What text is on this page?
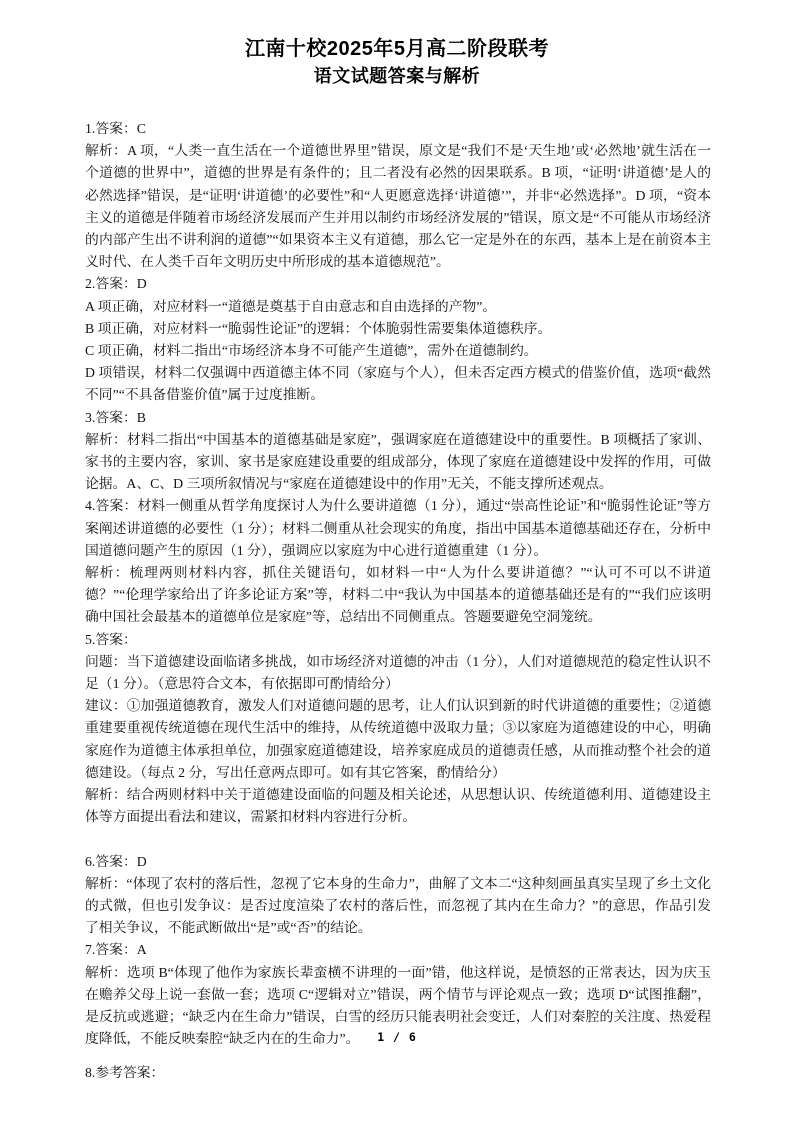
江南十校2025年5月高二阶段联考
语文试题答案与解析

1.答案：C

解析：A 项，“人类一直生活在一个道德世界里”错误，原文是“我们不是‘天生地’或‘必然地’就生活在一个道德的世界中”，道德的世界是有条件的；且二者没有必然的因果联系。B 项，“证明‘讲道德’是人的必然选择”错误，是“证明‘讲道德’的必要性”和“人更愿意选择‘讲道德’”，并非“必然选择”。D 项，“资本主义的道德是伴随着市场经济发展而产生并用以制约市场经济发展的”错误，原文是“不可能从市场经济的内部产生出不讲利润的道德”“如果资本主义有道德，那么它一定是外在的东西，基本上是在前资本主义时代、在人类千百年文明历史中所形成的基本道德规范”。

2.答案：D

A 项正确，对应材料一“道德是奠基于自由意志和自由选择的产物”。

B 项正确，对应材料一“脆弱性论证”的逻辑：个体脆弱性需要集体道德秩序。

C 项正确，材料二指出“市场经济本身不可能产生道德”，需外在道德制约。

D 项错误，材料二仅强调中西道德主体不同（家庭与个人），但未否定西方模式的借鉴价值，选项“截然不同”“不具备借鉴价值”属于过度推断。

3.答案：B

解析：材料二指出“中国基本的道德基础是家庭”，强调家庭在道德建设中的重要性。B 项概括了家训、家书的主要内容，家训、家书是家庭建设重要的组成部分，体现了家庭在道德建设中发挥的作用，可做论据。A、C、D 三项所叙情况与“家庭在道德建设中的作用”无关，不能支撑所述观点。

4.答案：材料一侧重从哲学角度探讨人为什么要讲道德（1 分），通过“崇高性论证”和“脆弱性论证”等方案阐述讲道德的必要性（1 分）；材料二侧重从社会现实的角度，指出中国基本道德基础还存在，分析中国道德问题产生的原因（1 分），强调应以家庭为中心进行道德重建（1 分）。

解析：梳理两则材料内容，抓住关键语句，如材料一中“人为什么要讲道德？”“认可不可以不讲道德？”“伦理学家给出了许多论证方案”等，材料二中“我认为中国基本的道德基础还是有的”“我们应该明确中国社会最基本的道德单位是家庭”等，总结出不同侧重点。答题要避免空洞笼统。

5.答案：

问题：当下道德建设面临诸多挑战，如市场经济对道德的冲击（1 分），人们对道德规范的稳定性认识不足（1 分）。（意思符合文本，有依据即可酌情给分）

建议：①加强道德教育，激发人们对道德问题的思考，让人们认识到新的时代讲道德的重要性；②道德重建要重视传统道德在现代生活中的维持，从传统道德中汲取力量；③以家庭为道德建设的中心，明确家庭作为道德主体承担单位，加强家庭道德建设，培养家庭成员的道德责任感，从而推动整个社会的道德建设。（每点 2 分，写出任意两点即可。如有其它答案，酌情给分）

解析：结合两则材料中关于道德建设面临的问题及相关论述，从思想认识、传统道德利用、道德建设主体等方面提出看法和建议，需紧扣材料内容进行分析。

6.答案：D

解析：“体现了农村的落后性，忽视了它本身的生命力”，曲解了文本二“这种刻画虽真实呈现了乡土文化的式微，但也引发争议：是否过度渲染了农村的落后性，而忽视了其内在生命力？”的意思，作品引发了相关争议，不能武断做出“是”或“否”的结论。

7.答案：A

解析：选项 B“体现了他作为家族长辈蛮横不讲理的一面”错，他这样说，是愤怒的正常表达，因为庆玉在赡养父母上说一套做一套；选项 C“逻辑对立”错误，两个情节与评论观点一致；选项 D“试图推翻”，是反抗或逃避；“缺乏内在生命力”错误，白雪的经历只能表明社会变迁，人们对秦腔的关注度、热爱程度降低，不能反映秦腔“缺乏内在的生命力”。

8.参考答案：

1 / 6
